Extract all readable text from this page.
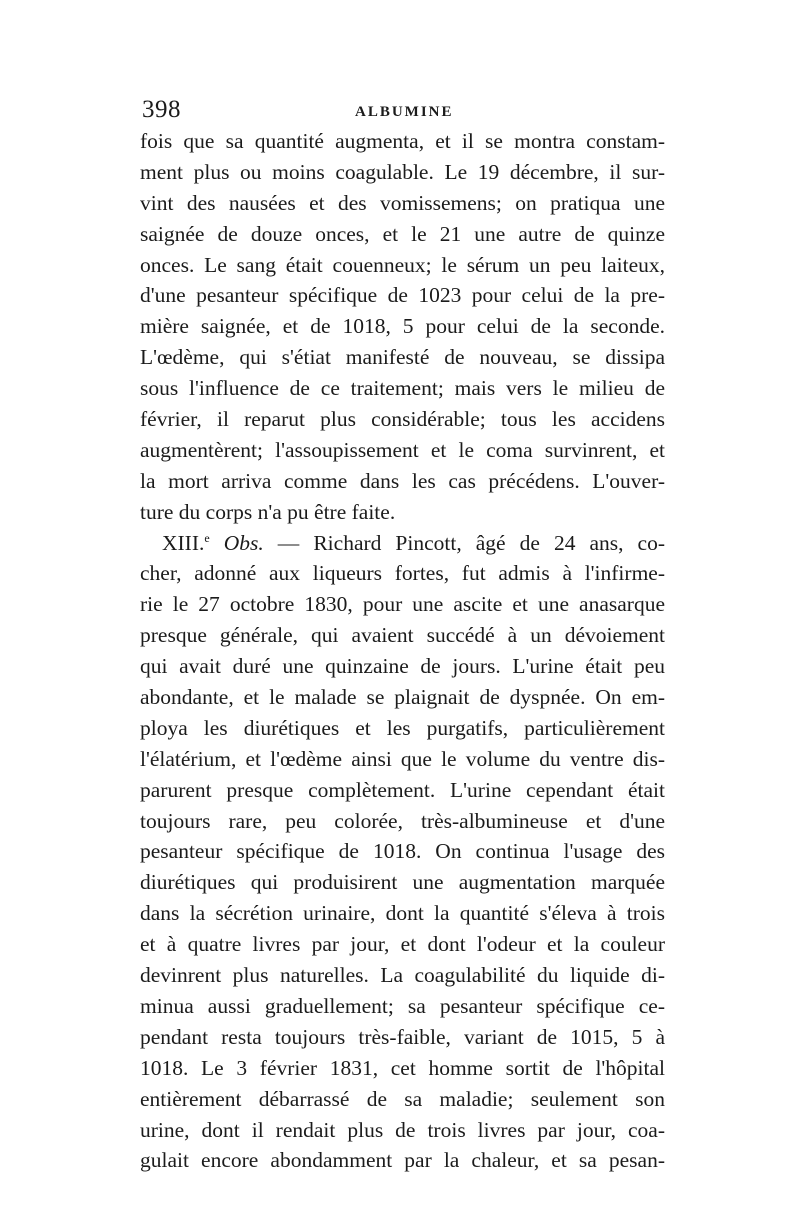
398	ALBUMINE
fois que sa quantité augmenta, et il se montra constam-
ment plus ou moins coagulable. Le 19 décembre, il sur-
vint des nausées et des vomissemens; on pratiqua une
saignée de douze onces, et le 21 une autre de quinze
onces. Le sang était couenneux; le sérum un peu laiteux,
d'une pesanteur spécifique de 1023 pour celui de la pre-
mière saignée, et de 1018, 5 pour celui de la seconde.
L'œdème, qui s'étiat manifesté de nouveau, se dissipa
sous l'influence de ce traitement; mais vers le milieu de
février, il reparut plus considérable; tous les accidens
augmentèrent; l'assoupissement et le coma survinrent, et
la mort arriva comme dans les cas précédens. L'ouver-
ture du corps n'a pu être faite.
XIII.$^e$ Obs. — Richard Pincott, âgé de 24 ans, co-
cher, adonné aux liqueurs fortes, fut admis à l'infirme-
rie le 27 octobre 1830, pour une ascite et une anasarque
presque générale, qui avaient succédé à un dévoiement
qui avait duré une quinzaine de jours. L'urine était peu
abondante, et le malade se plaignait de dyspnée. On em-
ploya les diurétiques et les purgatifs, particulièrement
l'élatérium, et l'œdème ainsi que le volume du ventre dis-
parurent presque complètement. L'urine cependant était
toujours rare, peu colorée, très-albumineuse et d'une
pesanteur spécifique de 1018. On continua l'usage des
diurétiques qui produisirent une augmentation marquée
dans la sécrétion urinaire, dont la quantité s'éleva à trois
et à quatre livres par jour, et dont l'odeur et la couleur
devinrent plus naturelles. La coagulabilité du liquide di-
minua aussi graduellement; sa pesanteur spécifique ce-
pendant resta toujours très-faible, variant de 1015, 5 à
1018. Le 3 février 1831, cet homme sortit de l'hôpital
entièrement débarrassé de sa maladie; seulement son
urine, dont il rendait plus de trois livres par jour, coa-
gulait encore abondamment par la chaleur, et sa pesan-
